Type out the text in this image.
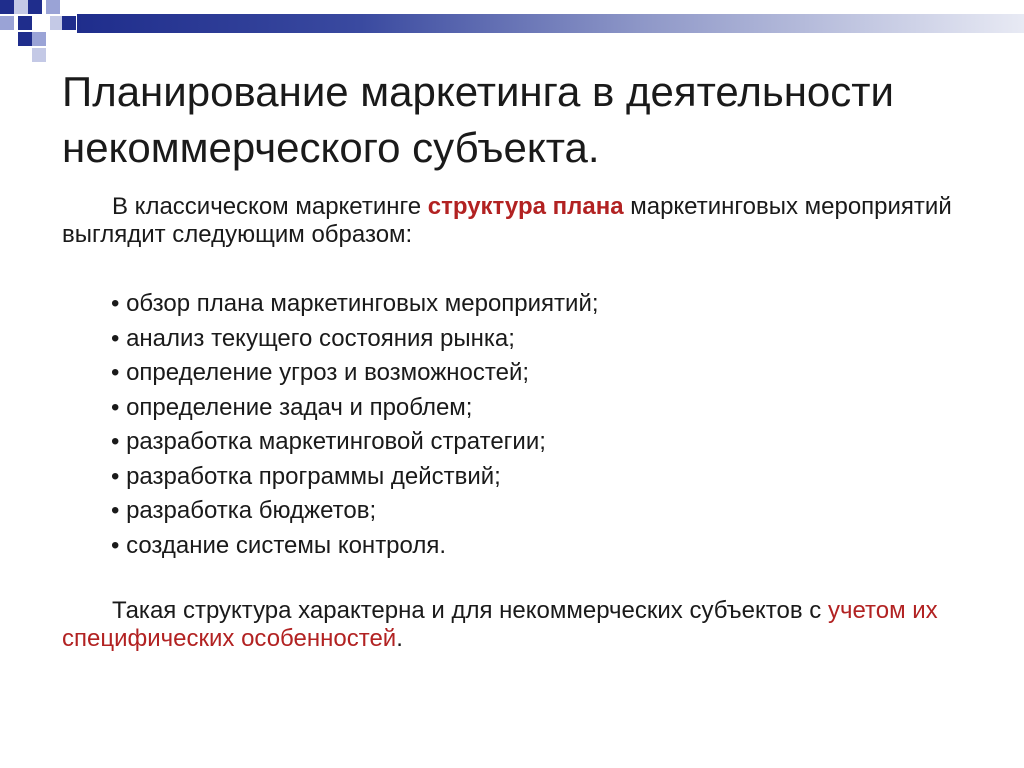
Планирование маркетинга в деятельности
некоммерческого субъекта.

В классическом маркетинге структура плана маркетинговых мероприятий выглядит следующим образом:

• обзор плана маркетинговых мероприятий;
• анализ текущего состояния рынка;
• определение угроз и возможностей;
• определение задач и проблем;
• разработка маркетинговой стратегии;
• разработка программы действий;
• разработка бюджетов;
• создание системы контроля.

Такая структура характерна и для некоммерческих субъектов с учетом их специфических особенностей.
